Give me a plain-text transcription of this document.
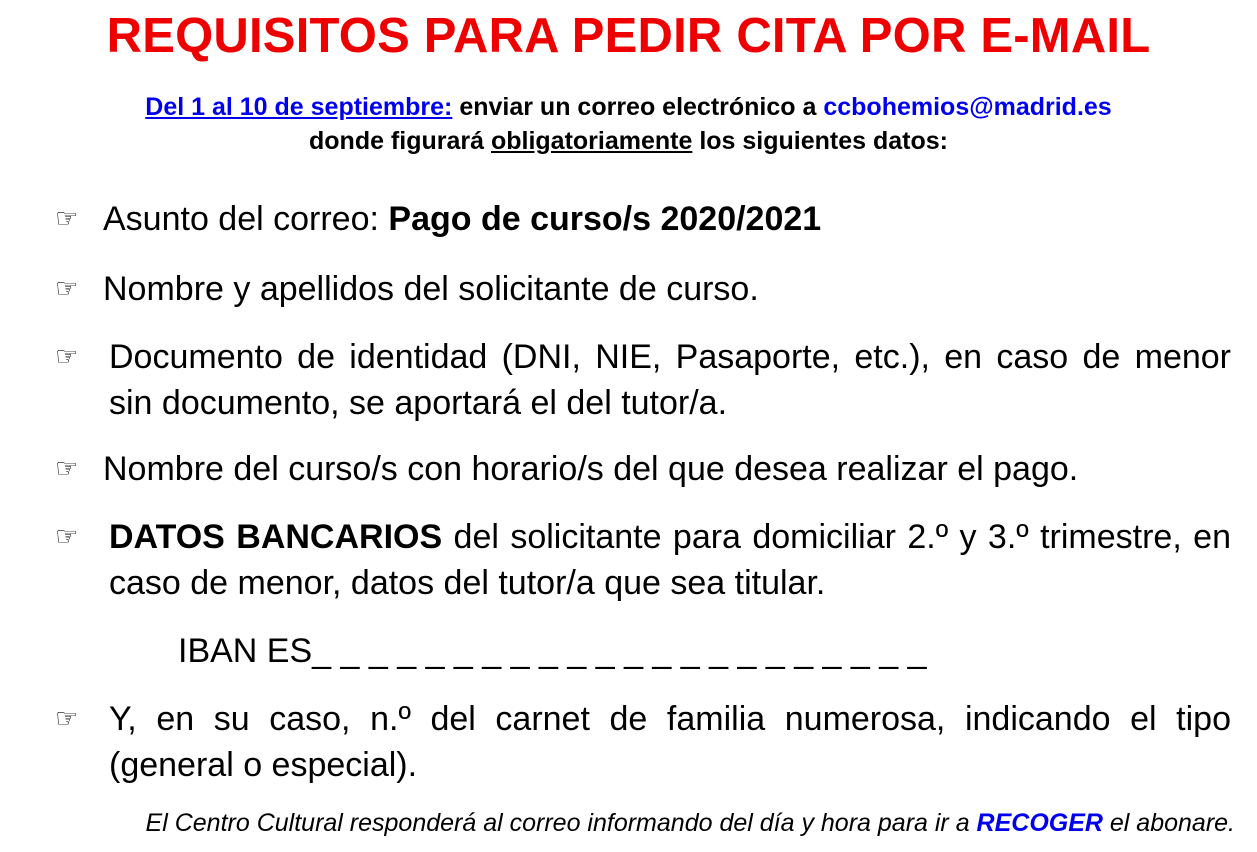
REQUISITOS PARA PEDIR CITA POR E-MAIL

Del 1 al 10 de septiembre: enviar un correo electrónico a ccbohemios@madrid.es
donde figurará obligatoriamente los siguientes datos:

☞ Asunto del correo: Pago de curso/s 2020/2021
☞ Nombre y apellidos del solicitante de curso.
☞ Documento de identidad (DNI, NIE, Pasaporte, etc.), en caso de menor sin documento, se aportará el del tutor/a.
☞ Nombre del curso/s con horario/s del que desea realizar el pago.
☞ DATOS BANCARIOS del solicitante para domiciliar 2.º y 3.º trimestre, en caso de menor, datos del tutor/a que sea titular.
IBAN ES_ _ _ _ _ _ _ _ _ _ _ _ _ _ _ _ _ _ _ _ _ _
☞ Y, en su caso, n.º del carnet de familia numerosa, indicando el tipo (general o especial).
El Centro Cultural responderá al correo informando del día y hora para ir a RECOGER el abonare.
